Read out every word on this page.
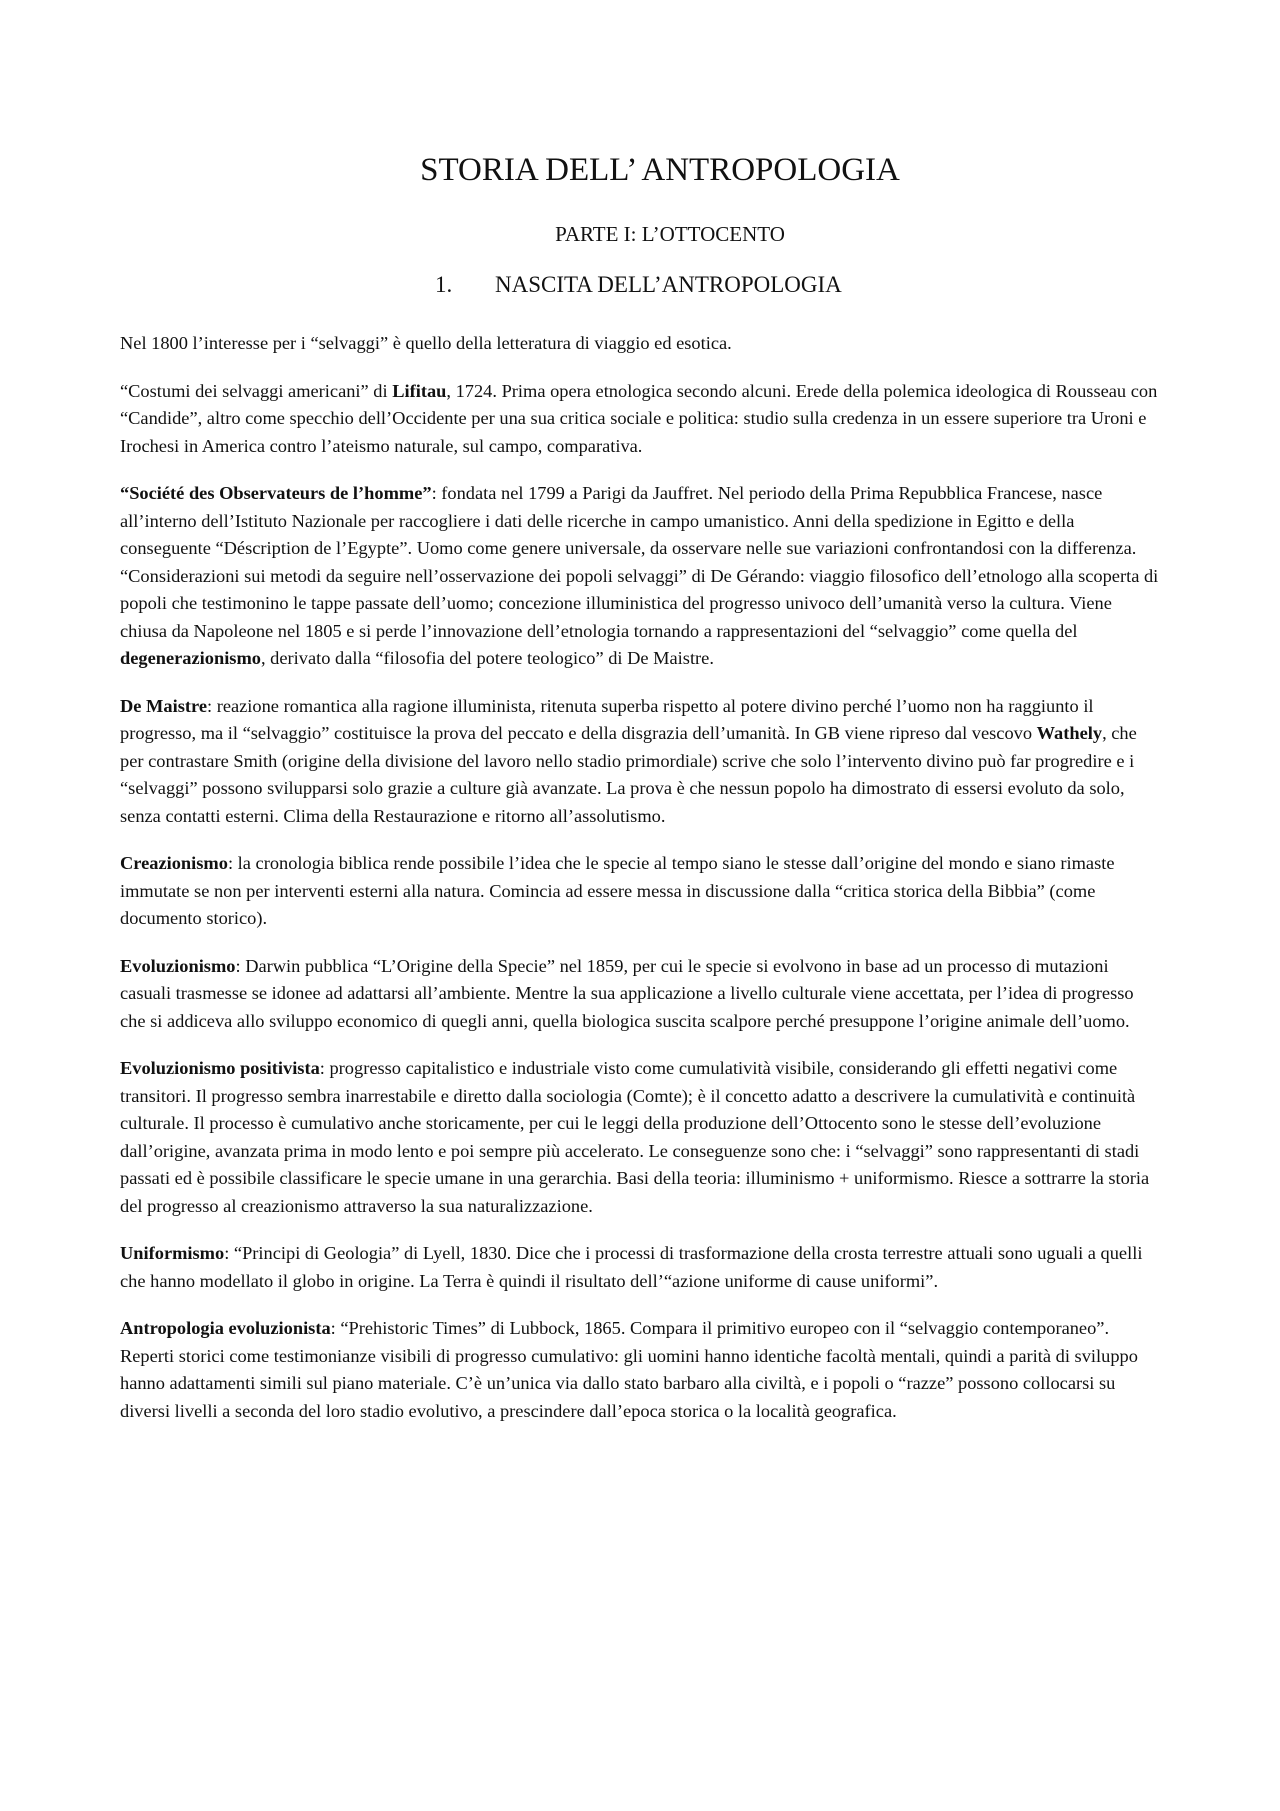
STORIA DELL’ ANTROPOLOGIA
PARTE I: L’OTTOCENTO
1. NASCITA DELL’ANTROPOLOGIA

Nel 1800 l’interesse per i “selvaggi” è quello della letteratura di viaggio ed esotica.

“Costumi dei selvaggi americani” di Lifitau, 1724. Prima opera etnologica secondo alcuni. Erede della polemica ideologica di Rousseau con “Candide”, altro come specchio dell’Occidente per una sua critica sociale e politica: studio sulla credenza in un essere superiore tra Uroni e Irochesi in America contro l’ateismo naturale, sul campo, comparativa.

“Société des Observateurs de l’homme”: fondata nel 1799 a Parigi da Jauffret. Nel periodo della Prima Repubblica Francese, nasce all’interno dell’Istituto Nazionale per raccogliere i dati delle ricerche in campo umanistico. Anni della spedizione in Egitto e della conseguente “Déscription de l’Egypte”. Uomo come genere universale, da osservare nelle sue variazioni confrontandosi con la differenza. “Considerazioni sui metodi da seguire nell’osservazione dei popoli selvaggi” di De Gérando: viaggio filosofico dell’etnologo alla scoperta di popoli che testimonino le tappe passate dell’uomo; concezione illuministica del progresso univoco dell’umanità verso la cultura. Viene chiusa da Napoleone nel 1805 e si perde l’innovazione dell’etnologia tornando a rappresentazioni del “selvaggio” come quella del degenerazionismo, derivato dalla “filosofia del potere teologico” di De Maistre.

De Maistre: reazione romantica alla ragione illuminista, ritenuta superba rispetto al potere divino perché l’uomo non ha raggiunto il progresso, ma il “selvaggio” costituisce la prova del peccato e della disgrazia dell’umanità. In GB viene ripreso dal vescovo Wathely, che per contrastare Smith (origine della divisione del lavoro nello stadio primordiale) scrive che solo l’intervento divino può far progredire e i “selvaggi” possono svilupparsi solo grazie a culture già avanzate. La prova è che nessun popolo ha dimostrato di essersi evoluto da solo, senza contatti esterni. Clima della Restaurazione e ritorno all’assolutismo.

Creazionismo: la cronologia biblica rende possibile l’idea che le specie al tempo siano le stesse dall’origine del mondo e siano rimaste immutate se non per interventi esterni alla natura. Comincia ad essere messa in discussione dalla “critica storica della Bibbia” (come documento storico).

Evoluzionismo: Darwin pubblica “L’Origine della Specie” nel 1859, per cui le specie si evolvono in base ad un processo di mutazioni casuali trasmesse se idonee ad adattarsi all’ambiente. Mentre la sua applicazione a livello culturale viene accettata, per l’idea di progresso che si addiceva allo sviluppo economico di quegli anni, quella biologica suscita scalpore perché presuppone l’origine animale dell’uomo.

Evoluzionismo positivista: progresso capitalistico e industriale visto come cumulatività visibile, considerando gli effetti negativi come transitori. Il progresso sembra inarrestabile e diretto dalla sociologia (Comte); è il concetto adatto a descrivere la cumulatività e continuità culturale. Il processo è cumulativo anche storicamente, per cui le leggi della produzione dell’Ottocento sono le stesse dell’evoluzione dall’origine, avanzata prima in modo lento e poi sempre più accelerato. Le conseguenze sono che: i “selvaggi” sono rappresentanti di stadi passati ed è possibile classificare le specie umane in una gerarchia. Basi della teoria: illuminismo + uniformismo. Riesce a sottrarre la storia del progresso al creazionismo attraverso la sua naturalizzazione.

Uniformismo: “Principi di Geologia” di Lyell, 1830. Dice che i processi di trasformazione della crosta terrestre attuali sono uguali a quelli che hanno modellato il globo in origine. La Terra è quindi il risultato dell’“azione uniforme di cause uniformi”.

Antropologia evoluzionista: “Prehistoric Times” di Lubbock, 1865. Compara il primitivo europeo con il “selvaggio contemporaneo”. Reperti storici come testimonianze visibili di progresso cumulativo: gli uomini hanno identiche facoltà mentali, quindi a parità di sviluppo hanno adattamenti simili sul piano materiale. C’è un’unica via dallo stato barbaro alla civiltà, e i popoli o “razze” possono collocarsi su diversi livelli a seconda del loro stadio evolutivo, a prescindere dall’epoca storica o la località geografica.
